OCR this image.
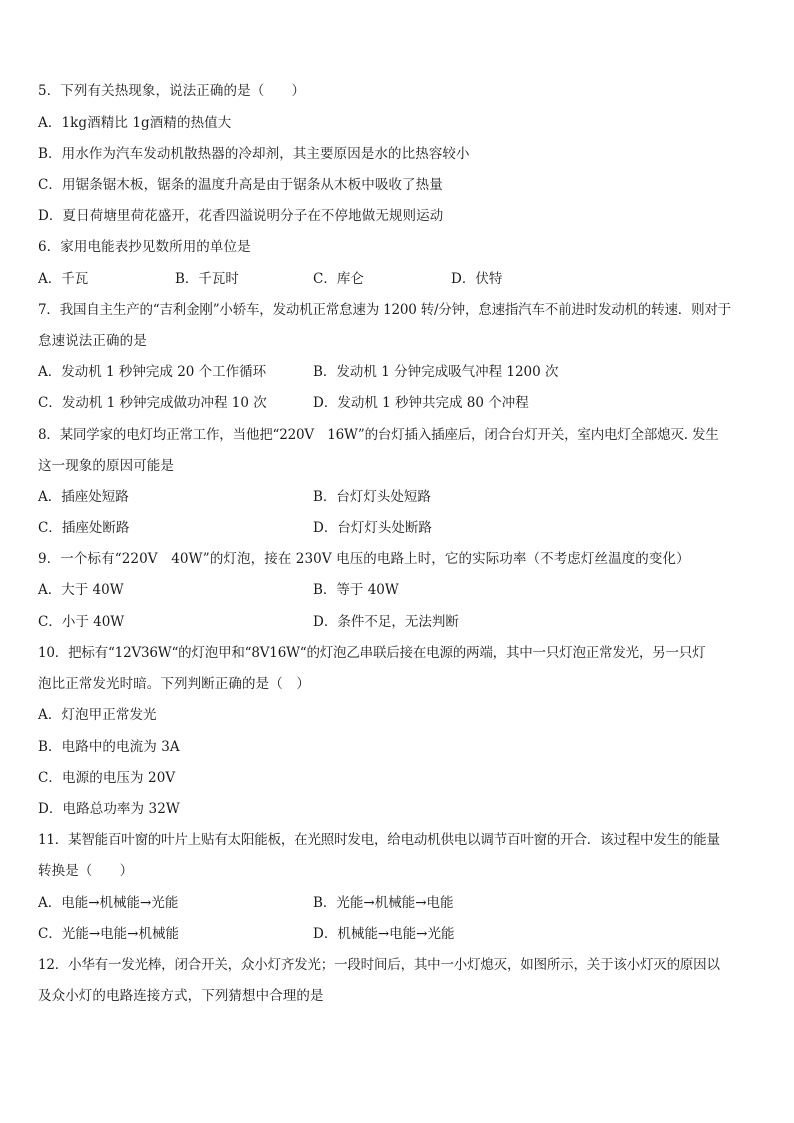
5．下列有关热现象，说法正确的是（　　）
A．1kg酒精比 1g酒精的热值大
B．用水作为汽车发动机散热器的冷却剂，其主要原因是水的比热容较小
C．用锯条锯木板，锯条的温度升高是由于锯条从木板中吸收了热量
D．夏日荷塘里荷花盛开，花香四溢说明分子在不停地做无规则运动
6．家用电能表抄见数所用的单位是
A．千瓦	B．千瓦时	C．库仑	D．伏特
7．我国自主生产的“吉利金刚”小轿车，发动机正常怠速为 1200 转/分钟，怠速指汽车不前进时发动机的转速．则对于
怠速说法正确的是
A．发动机 1 秒钟完成 20 个工作循环	B．发动机 1 分钟完成吸气冲程 1200 次
C．发动机 1 秒钟完成做功冲程 10 次	D．发动机 1 秒钟共完成 80 个冲程
8．某同学家的电灯均正常工作，当他把“220V　16W”的台灯插入插座后，闭合台灯开关，室内电灯全部熄灭. 发生
这一现象的原因可能是
A．插座处短路	B．台灯灯头处短路
C．插座处断路	D．台灯灯头处断路
9．一个标有“220V　40W”的灯泡，接在 230V 电压的电路上时，它的实际功率（不考虑灯丝温度的变化）
A．大于 40W	B．等于 40W
C．小于 40W	D．条件不足，无法判断
10．把标有“12V36W“的灯泡甲和“8V16W“的灯泡乙串联后接在电源的两端，其中一只灯泡正常发光，另一只灯
泡比正常发光时暗。下列判断正确的是（　）
A．灯泡甲正常发光
B．电路中的电流为 3A
C．电源的电压为 20V
D．电路总功率为 32W
11．某智能百叶窗的叶片上贴有太阳能板，在光照时发电，给电动机供电以调节百叶窗的开合．该过程中发生的能量
转换是（　　）
A．电能→机械能→光能	B．光能→机械能→电能
C．光能→电能→机械能	D．机械能→电能→光能
12．小华有一发光棒，闭合开关，众小灯齐发光；一段时间后，其中一小灯熄灭，如图所示，关于该小灯灭的原因以
及众小灯的电路连接方式，下列猜想中合理的是
